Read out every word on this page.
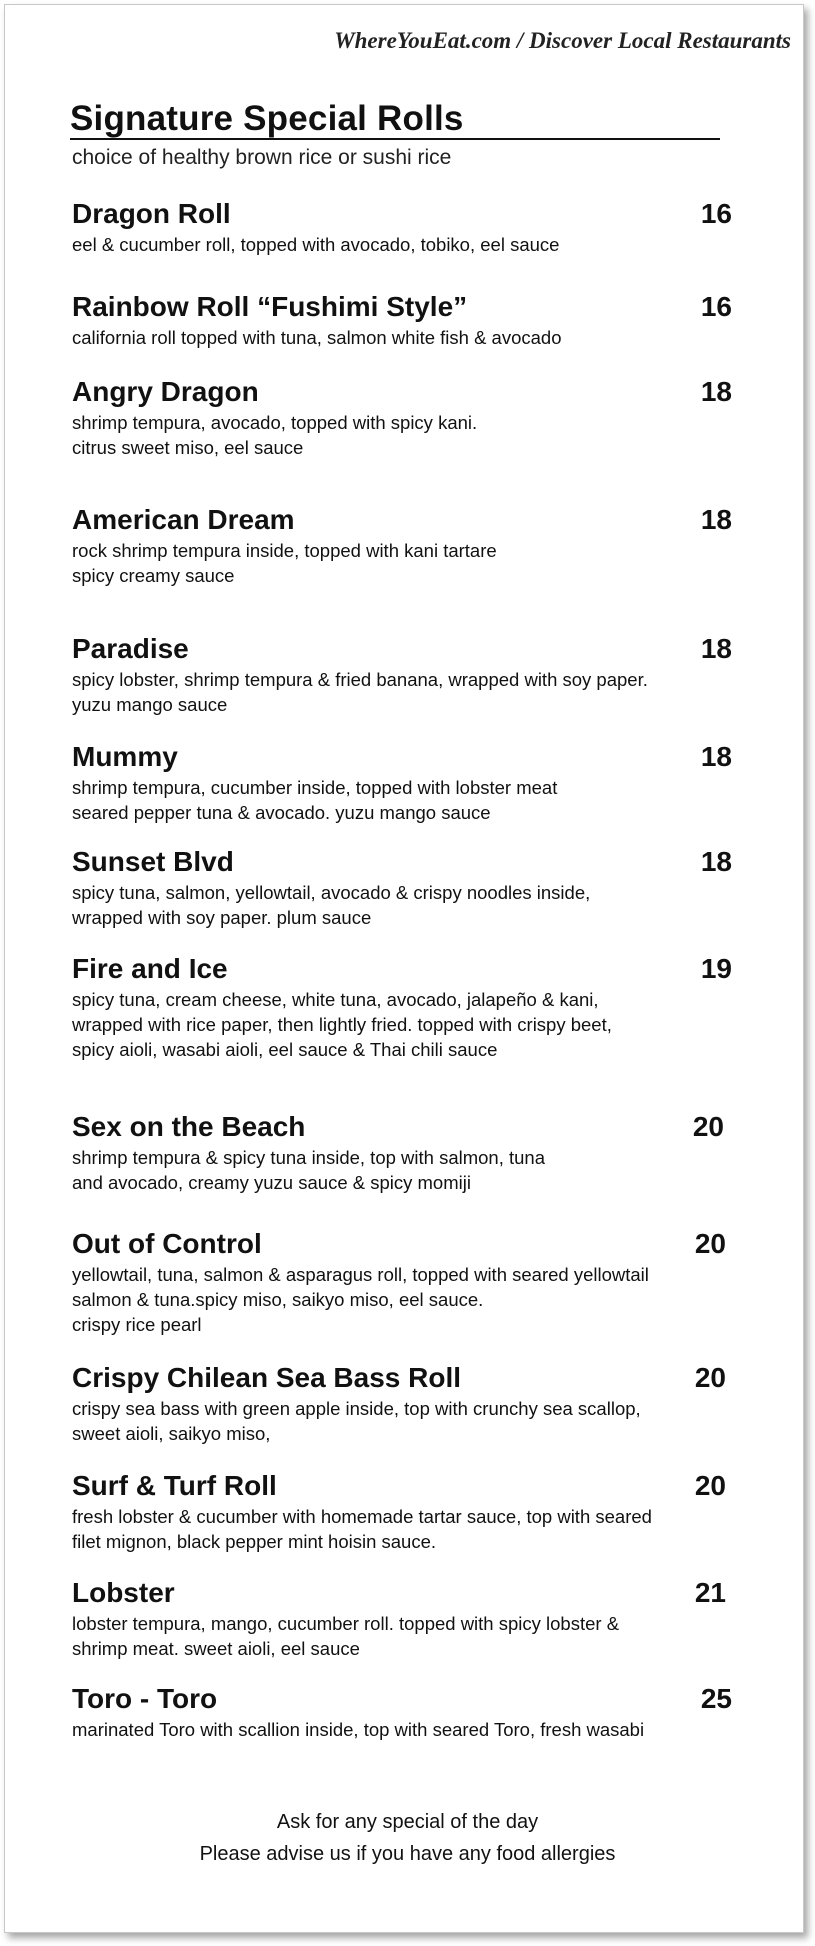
WhereYouEat.com / Discover Local Restaurants
Signature Special Rolls
choice of healthy brown rice or sushi rice
Dragon Roll	16
eel & cucumber roll, topped with avocado, tobiko, eel sauce
Rainbow Roll “Fushimi Style”	16
california roll topped with tuna, salmon white fish & avocado
Angry Dragon	18
shrimp tempura, avocado, topped with spicy kani.
citrus sweet miso, eel sauce
American Dream	18
rock shrimp tempura inside, topped with kani tartare
spicy creamy sauce
Paradise	18
spicy lobster, shrimp tempura & fried banana, wrapped with soy paper.
yuzu mango sauce
Mummy	18
shrimp tempura, cucumber inside, topped with lobster meat
seared pepper tuna & avocado. yuzu mango sauce
Sunset Blvd	18
spicy tuna, salmon, yellowtail, avocado & crispy noodles inside,
wrapped with soy paper. plum sauce
Fire and Ice	19
spicy tuna, cream cheese, white tuna, avocado, jalapeño & kani,
wrapped with rice paper, then lightly fried. topped with crispy beet,
spicy aioli, wasabi aioli, eel sauce & Thai chili sauce
Sex on the Beach	20
shrimp tempura & spicy tuna inside, top with salmon, tuna
and avocado, creamy yuzu sauce & spicy momiji
Out of Control	20
yellowtail, tuna, salmon & asparagus roll, topped with seared yellowtail
salmon & tuna.spicy miso, saikyo miso, eel sauce.
crispy rice pearl
Crispy Chilean Sea Bass Roll	20
crispy sea bass with green apple inside, top with crunchy sea scallop,
sweet aioli, saikyo miso,
Surf & Turf Roll	20
fresh lobster & cucumber with homemade tartar sauce, top with seared
filet mignon, black pepper mint hoisin sauce.
Lobster	21
lobster tempura, mango, cucumber roll. topped with spicy lobster &
shrimp meat. sweet aioli, eel sauce
Toro - Toro	25
marinated Toro with scallion inside, top with seared Toro, fresh wasabi
Ask for any special of the day
Please advise us if you have any food allergies
